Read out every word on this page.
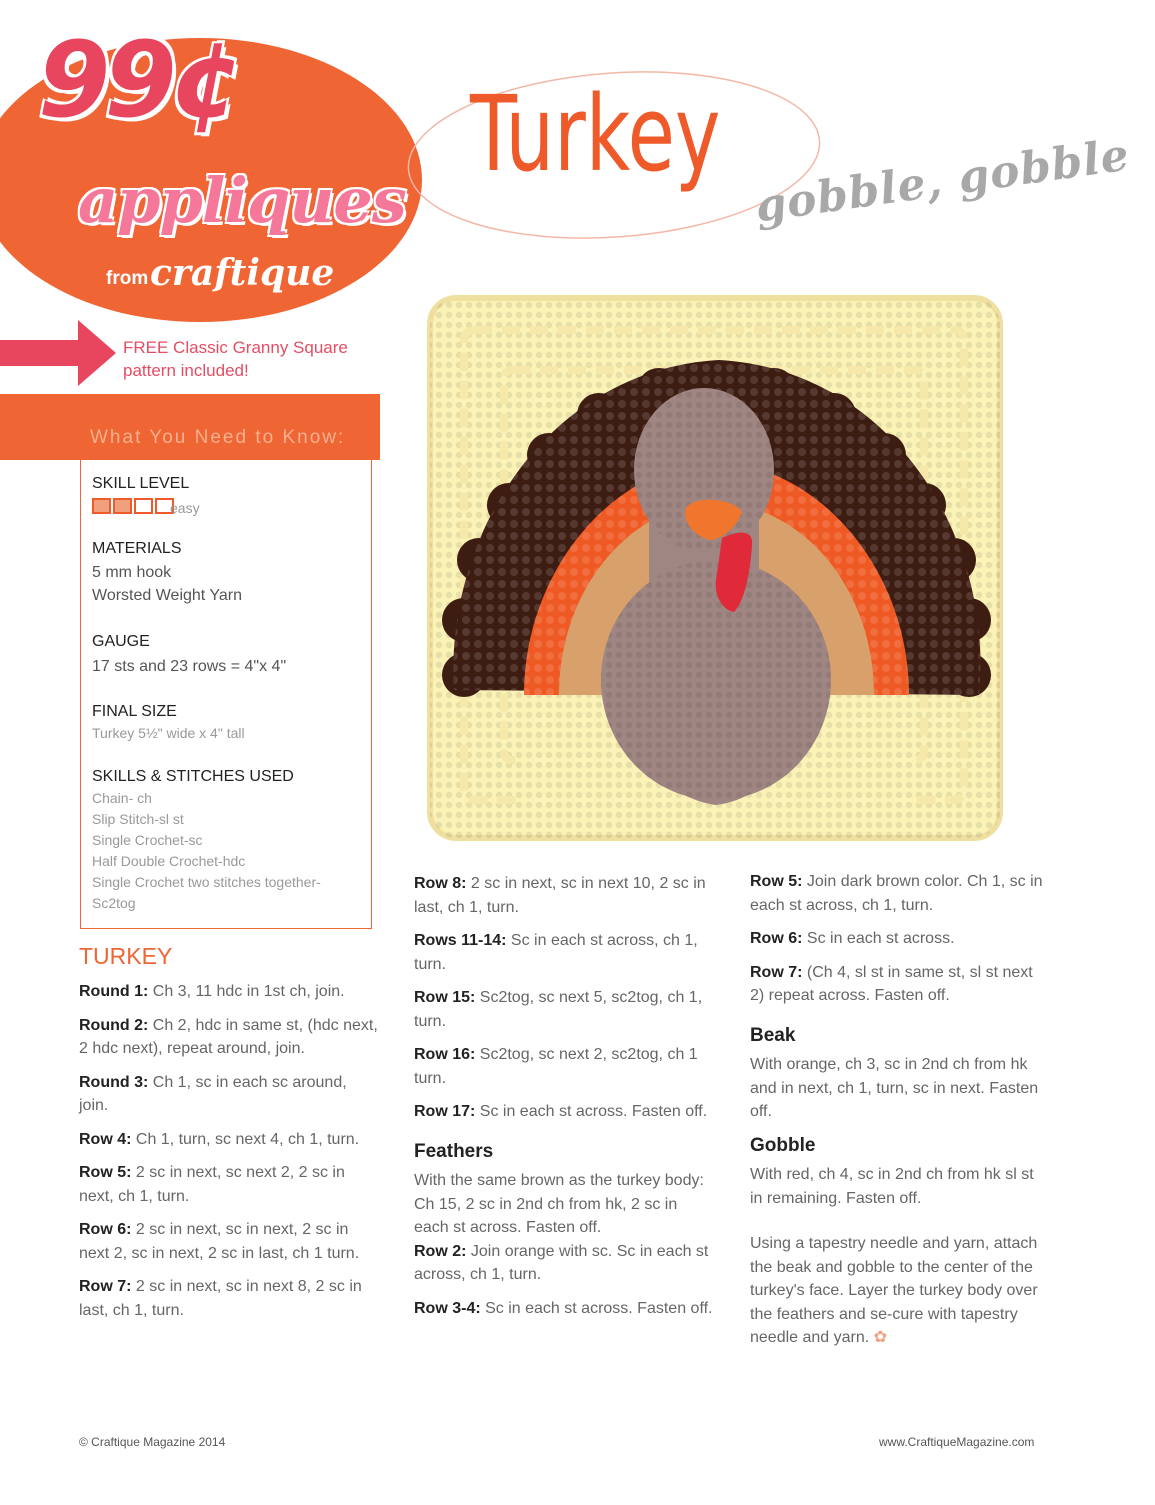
99¢
appliques
from craftique
Turkey gobble, gobble
FREE Classic Granny Square
pattern included!
What You Need to Know:
SKILL LEVEL
easy
MATERIALS
5 mm hook
Worsted Weight Yarn
GAUGE
17 sts and 23 rows = 4"x 4"
FINAL SIZE
Turkey 5½" wide x 4" tall
SKILLS & STITCHES USED
Chain- ch
Slip Stitch-sl st
Single Crochet-sc
Half Double Crochet-hdc
Single Crochet two stitches together-
Sc2tog
TURKEY

Round 1: Ch 3, 11 hdc in 1st ch, join.

Round 2: Ch 2, hdc in same st, (hdc next, 2 hdc next), repeat around, join.

Round 3: Ch 1, sc in each sc around, join.

Row 4: Ch 1, turn, sc next 4, ch 1, turn.

Row 5: 2 sc in next, sc next 2, 2 sc in next, ch 1, turn.

Row 6: 2 sc in next, sc in next, 2 sc in next 2, sc in next, 2 sc in last, ch 1 turn.

Row 7: 2 sc in next, sc in next 8, 2 sc in last, ch 1, turn.

Row 8: 2 sc in next, sc in next 10, 2 sc in last, ch 1, turn.

Rows 11-14: Sc in each st across, ch 1, turn.

Row 15: Sc2tog, sc next 5, sc2tog, ch 1, turn.

Row 16: Sc2tog, sc next 2, sc2tog, ch 1 turn.

Row 17: Sc in each st across. Fasten off.

Feathers

With the same brown as the turkey body: Ch 15, 2 sc in 2nd ch from hk, 2 sc in each st across. Fasten off.

Row 2: Join orange with sc. Sc in each st across, ch 1, turn.

Row 3-4: Sc in each st across. Fasten off.

Row 5: Join dark brown color. Ch 1, sc in each st across, ch 1, turn.

Row 6: Sc in each st across.

Row 7: (Ch 4, sl st in same st, sl st next 2) repeat across. Fasten off.

Beak

With orange, ch 3, sc in 2nd ch from hk and in next, ch 1, turn, sc in next. Fasten off.

Gobble

With red, ch 4, sc in 2nd ch from hk sl st in remaining. Fasten off.

Using a tapestry needle and yarn, attach the beak and gobble to the center of the turkey's face. Layer the turkey body over the feathers and se-cure with tapestry needle and yarn. ✿

© Craftique Magazine 2014	www.CraftiqueMagazine.com
